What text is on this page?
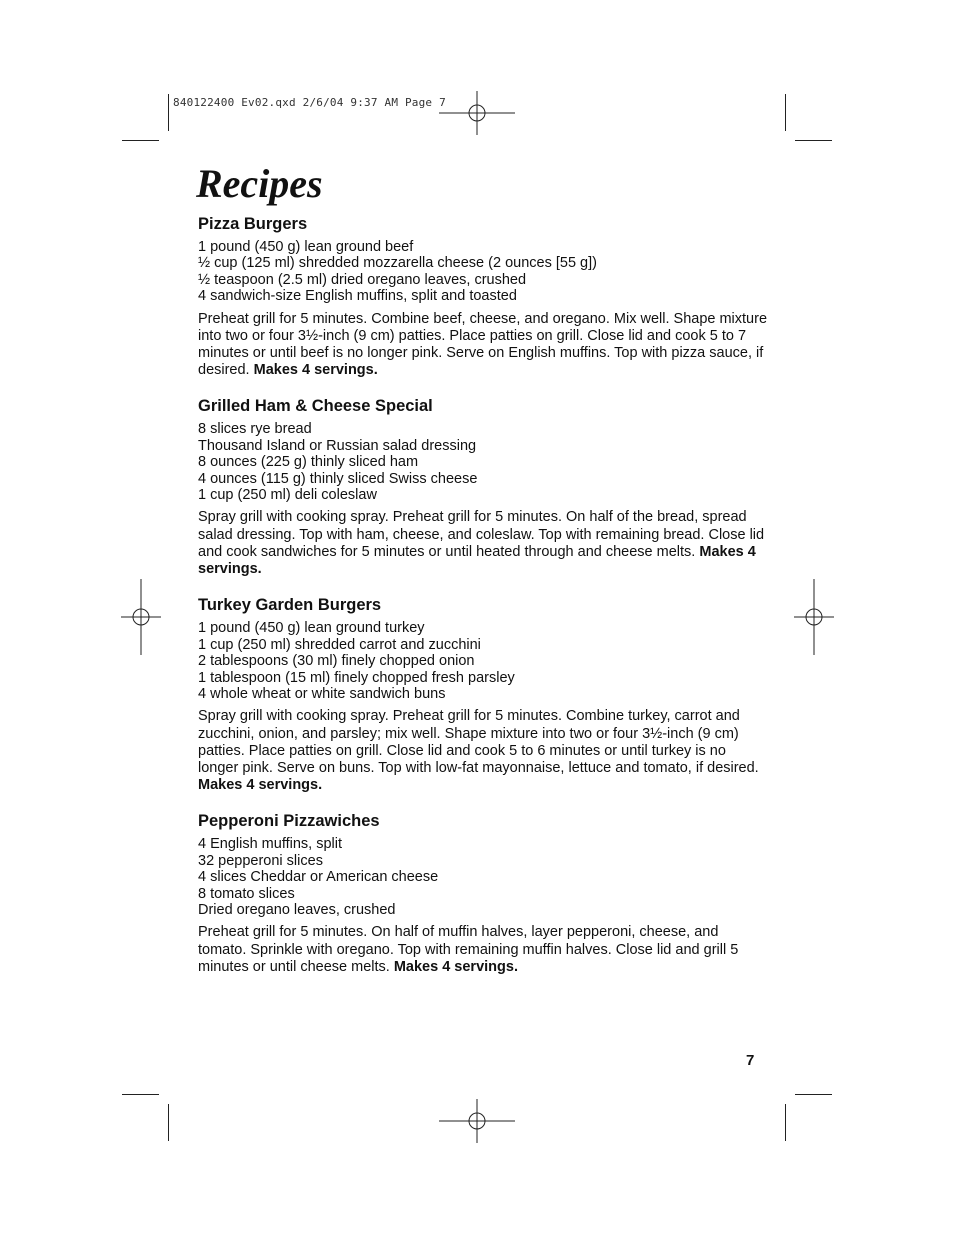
840122400 Ev02.qxd 2/6/04 9:37 AM Page 7
Recipes
Pizza Burgers
1 pound (450 g) lean ground beef
½ cup (125 ml) shredded mozzarella cheese (2 ounces [55 g])
½ teaspoon (2.5 ml) dried oregano leaves, crushed
4 sandwich-size English muffins, split and toasted

Preheat grill for 5 minutes. Combine beef, cheese, and oregano. Mix well. Shape mixture into two or four 3½-inch (9 cm) patties. Place patties on grill. Close lid and cook 5 to 7 minutes or until beef is no longer pink. Serve on English muffins. Top with pizza sauce, if desired. Makes 4 servings.

Grilled Ham & Cheese Special
8 slices rye bread
Thousand Island or Russian salad dressing
8 ounces (225 g) thinly sliced ham
4 ounces (115 g) thinly sliced Swiss cheese
1 cup (250 ml) deli coleslaw

Spray grill with cooking spray. Preheat grill for 5 minutes. On half of the bread, spread salad dressing. Top with ham, cheese, and coleslaw. Top with remaining bread. Close lid and cook sandwiches for 5 minutes or until heated through and cheese melts. Makes 4 servings.

Turkey Garden Burgers
1 pound (450 g) lean ground turkey
1 cup (250 ml) shredded carrot and zucchini
2 tablespoons (30 ml) finely chopped onion
1 tablespoon (15 ml) finely chopped fresh parsley
4 whole wheat or white sandwich buns

Spray grill with cooking spray. Preheat grill for 5 minutes. Combine turkey, carrot and zucchini, onion, and parsley; mix well. Shape mixture into two or four 3½-inch (9 cm) patties. Place patties on grill. Close lid and cook 5 to 6 minutes or until turkey is no longer pink. Serve on buns. Top with low-fat mayonnaise, lettuce and tomato, if desired. Makes 4 servings.

Pepperoni Pizzawiches
4 English muffins, split
32 pepperoni slices
4 slices Cheddar or American cheese
8 tomato slices
Dried oregano leaves, crushed

Preheat grill for 5 minutes. On half of muffin halves, layer pepperoni, cheese, and tomato. Sprinkle with oregano. Top with remaining muffin halves. Close lid and grill 5 minutes or until cheese melts. Makes 4 servings.

7
